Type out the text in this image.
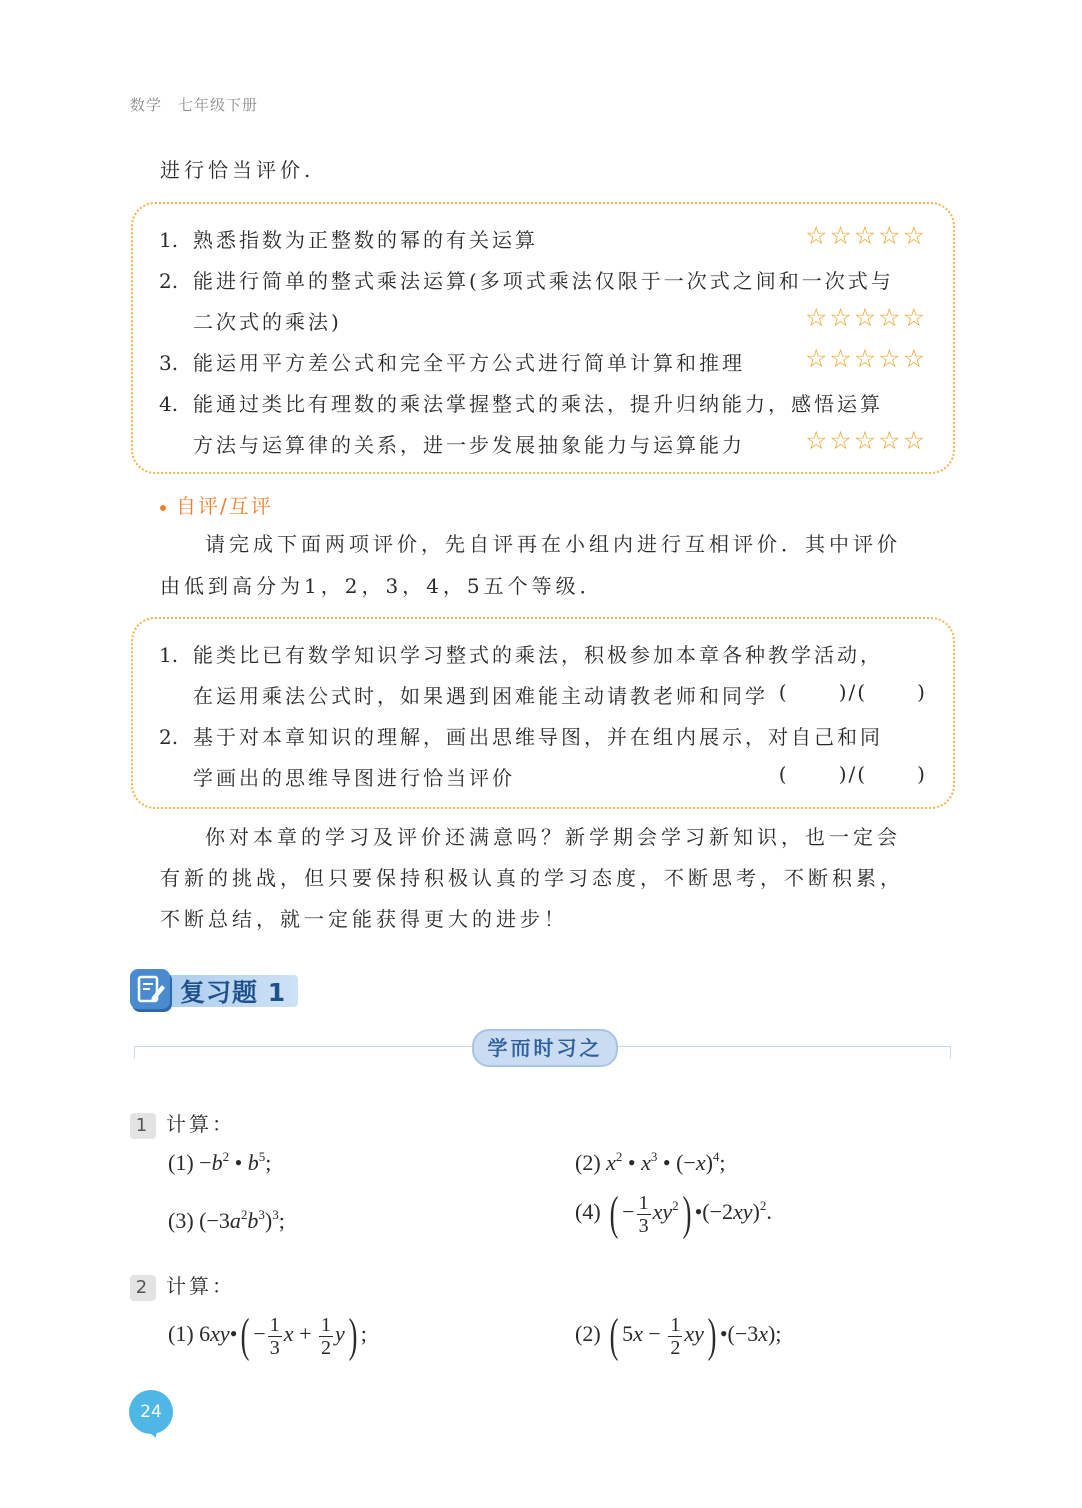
数学 七年级下册
进行恰当评价.
1. 熟悉指数为正整数的幂的有关运算	☆☆☆☆☆
2. 能进行简单的整式乘法运算(多项式乘法仅限于一次式之间和一次式与
二次式的乘法)	☆☆☆☆☆
3. 能运用平方差公式和完全平方公式进行简单计算和推理 ☆☆☆☆☆
4. 能通过类比有理数的乘法掌握整式的乘法，提升归纳能力，感悟运算
方法与运算律的关系，进一步发展抽象能力与运算能力 ☆☆☆☆☆
自评/互评
请完成下面两项评价，先自评再在小组内进行互相评价．其中评价
由低到高分为1，2，3，4，5五个等级．
1. 能类比已有数学知识学习整式的乘法，积极参加本章各种教学活动，
在运用乘法公式时，如果遇到困难能主动请教老师和同学 (      )/(      )
2. 基于对本章知识的理解，画出思维导图，并在组内展示，对自己和同
学画出的思维导图进行恰当评价	(      )/(      )
你对本章的学习及评价还满意吗？新学期会学习新知识，也一定会
有新的挑战，但只要保持积极认真的学习态度，不断思考，不断积累，
不断总结，就一定能获得更大的进步！
复习题 1
学而时习之
1 计算：
$(1) -b^2$ • $b^5$;	(2) $x^2$ • $x^3$ • $(-x)^4$;
(3) $(-3a^2b^3)^3$;	(4) ( − $\frac{1}{3} xy^2$) $•(-2xy)^2$.
2 计算：
(1) 6xy•( − $\frac{1}{3}$ $x + \frac{1}{2} y$) ;	(2) ( $5x - \frac{1}{2} xy$) •(−3x);
24
